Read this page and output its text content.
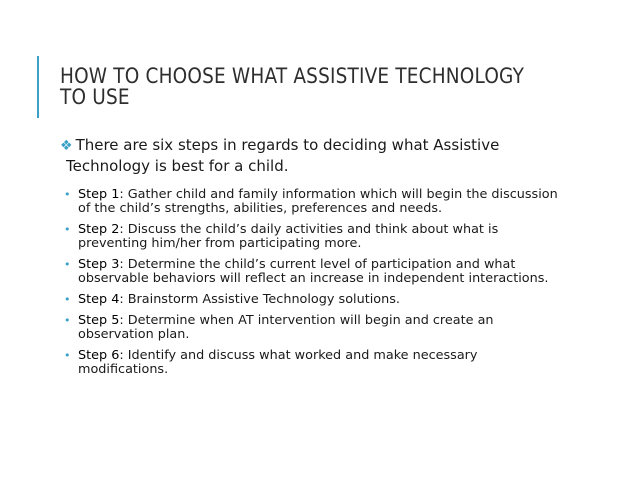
HOW TO CHOOSE WHAT ASSISTIVE TECHNOLOGY
TO USE
❖ There are six steps in regards to deciding what Assistive
Technology is best for a child.
• Step 1: Gather child and family information which will begin the discussion of the child’s strengths, abilities, preferences and needs.
• Step 2: Discuss the child’s daily activities and think about what is preventing him/her from participating more.
• Step 3: Determine the child’s current level of participation and what observable behaviors will reflect an increase in independent interactions.
• Step 4: Brainstorm Assistive Technology solutions.
• Step 5: Determine when AT intervention will begin and create an observation plan.
• Step 6: Identify and discuss what worked and make necessary modifications.
